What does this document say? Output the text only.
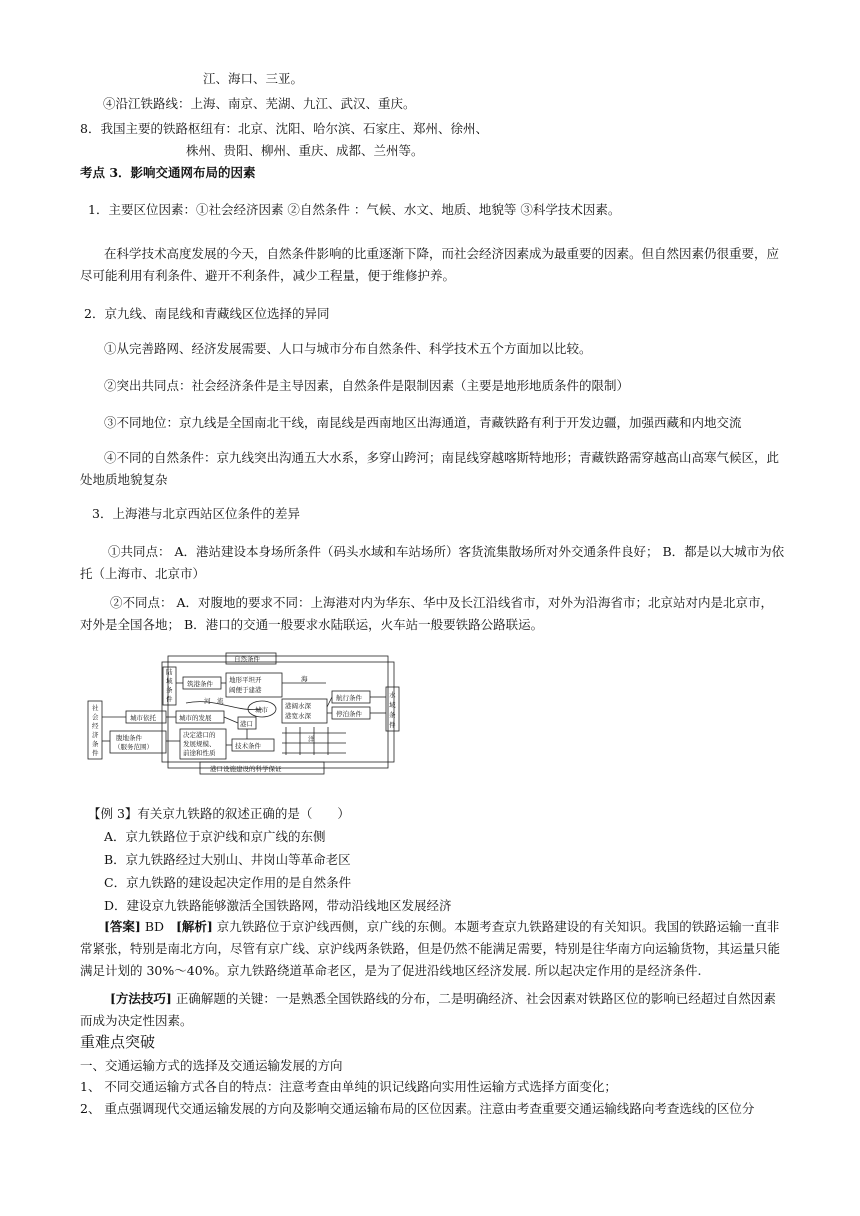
江、海口、三亚。
④沿江铁路线：上海、南京、芜湖、九江、武汉、重庆。
8．我国主要的铁路枢纽有：北京、沈阳、哈尔滨、石家庄、郑州、徐州、
株州、贵阳、柳州、重庆、成都、兰州等。
考点 3．影响交通网布局的因素
1．主要区位因素：①社会经济因素 ②自然条件 ：气候、水文、地质、地貌等 ③科学技术因素。
在科学技术高度发展的今天，自然条件影响的比重逐渐下降，而社会经济因素成为最重要的因素。但自然因素仍很重要，应尽可能利用有利条件、避开不利条件，减少工程量，便于维修护养。
2．京九线、南昆线和青藏线区位选择的异同
①从完善路网、经济发展需要、人口与城市分布自然条件、科学技术五个方面加以比较。
②突出共同点：社会经济条件是主导因素，自然条件是限制因素（主要是地形地质条件的限制）
③不同地位：京九线是全国南北干线，南昆线是西南地区出海通道，青藏铁路有利于开发边疆，加强西藏和内地交流
④不同的自然条件：京九线突出沟通五大水系，多穿山跨河；南昆线穿越喀斯特地形；青藏铁路需穿越高山高寒气候区，此处地质地貌复杂
3．上海港与北京西站区位条件的差异
①共同点： A．港站建设本身场所条件（码头水域和车站场所）客货流集散场所对外交通条件良好； B．都是以大城市为依托（上海市、北京市）
②不同点： A．对腹地的要求不同：上海港对内为华东、华中及长江沿线省市，对外为沿海省市；北京站对内是北京市，对外是全国各地； B．港口的交通一般要求水陆联运，火车站一般要铁路公路联运。
自然条件
陆
域
条
件
筑港条件 地形平坦开
阔便于建港
海
河　流
城市	港阔水深
港宽水深
航行条件
停泊条件
水
域
条
件
社
会
经
济
条
件
城市依托	城市的发展
港口
腹地条件
（服务范围）
决定港口的
发展规模、
前途和性质
技术条件
洋
港口设施建设的科学保证
【例 3】有关京九铁路的叙述正确的是（　　）
A．京九铁路位于京沪线和京广线的东侧
B．京九铁路经过大别山、井岗山等革命老区
C．京九铁路的建设起决定作用的是自然条件
D．建设京九铁路能够激活全国铁路网，带动沿线地区发展经济
[答案] BD [解析] 京九铁路位于京沪线西侧，京广线的东侧。本题考查京九铁路建设的有关知识。我国的铁路运输一直非常紧张，特别是南北方向，尽管有京广线、京沪线两条铁路，但是仍然不能满足需要，特别是往华南方向运输货物，其运量只能满足计划的 30%～40%。京九铁路绕道革命老区，是为了促进沿线地区经济发展. 所以起决定作用的是经济条件.
[方法技巧] 正确解题的关键：一是熟悉全国铁路线的分布，二是明确经济、社会因素对铁路区位的影响已经超过自然因素而成为决定性因素。
重难点突破
一、交通运输方式的选择及交通运输发展的方向
1、 不同交通运输方式各自的特点：注意考查由单纯的识记线路向实用性运输方式选择方面变化；
2、 重点强调现代交通运输发展的方向及影响交通运输布局的区位因素。注意由考查重要交通运输线路向考查选线的区位分
